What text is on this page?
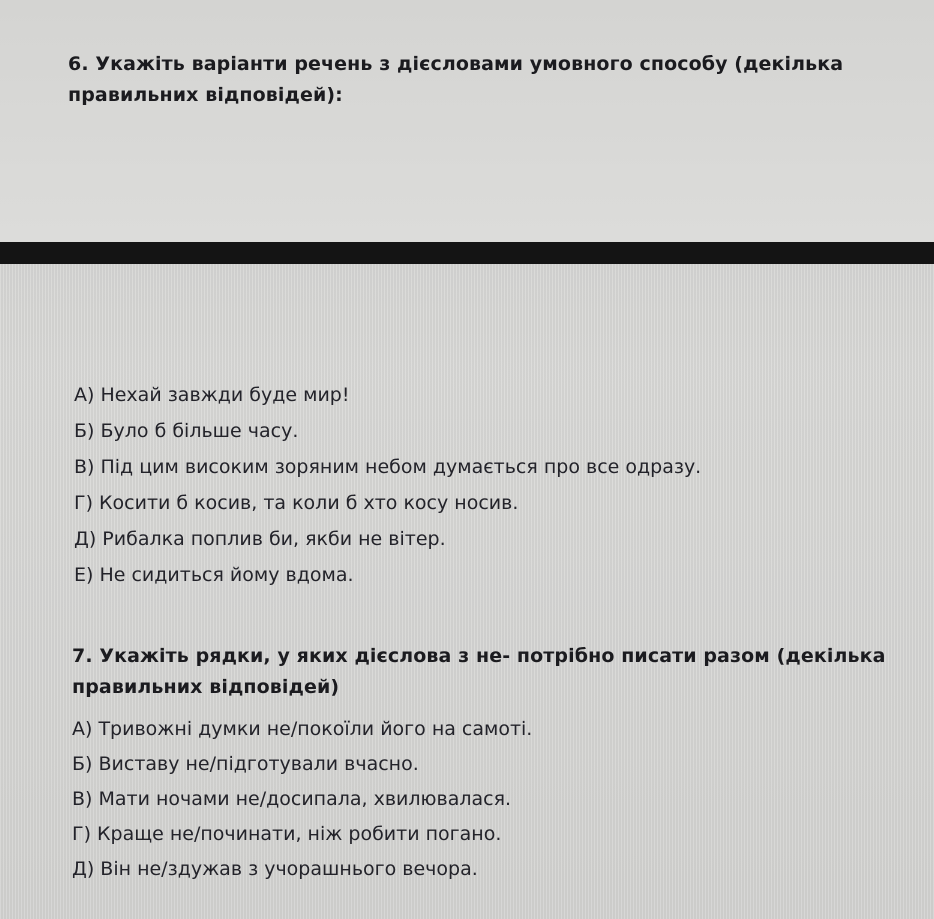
6. Укажіть варіанти речень з дієсловами умовного способу (декілька правильних відповідей):
А) Нехай завжди буде мир!
Б) Було б більше часу.
В) Під цим високим зоряним небом думається про все одразу.
Г) Косити б косив, та коли б хто косу носив.
Д) Рибалка поплив би, якби не вітер.
Е) Не сидиться йому вдома.
7. Укажіть рядки, у яких дієслова з не- потрібно писати разом (декілька правильних відповідей)
А) Тривожні думки не/покоїли його на самоті.
Б) Виставу не/підготували вчасно.
В) Мати ночами не/досипала, хвилювалася.
Г) Краще не/починати, ніж робити погано.
Д) Він не/здужав з учорашнього вечора.
